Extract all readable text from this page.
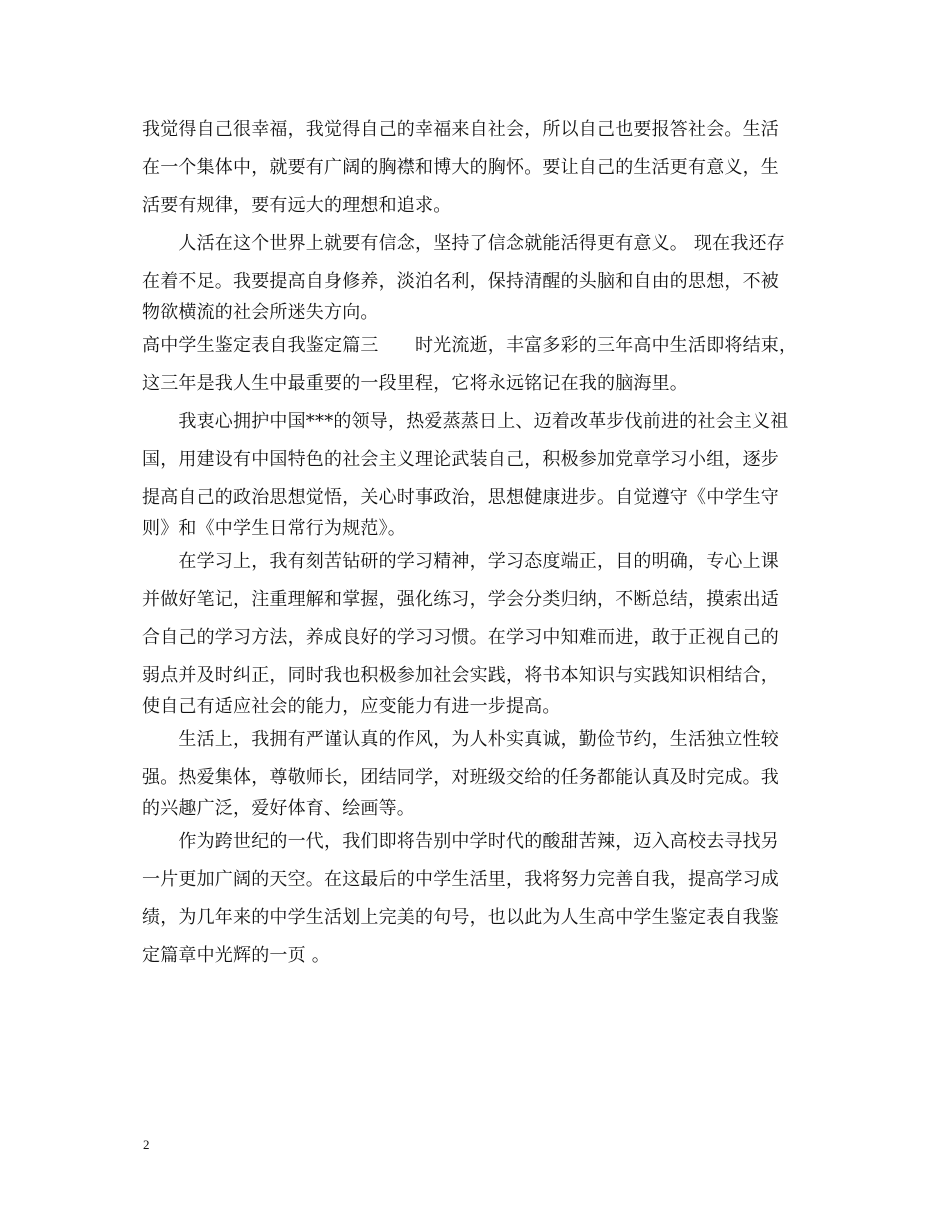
我觉得自己很幸福，我觉得自己的幸福来自社会，所以自己也要报答社会。生活
在一个集体中，就要有广阔的胸襟和博大的胸怀。要让自己的生活更有意义，生
活要有规律，要有远大的理想和追求。
　　人活在这个世界上就要有信念，坚持了信念就能活得更有意义。 现在我还存
在着不足。我要提高自身修养，淡泊名利，保持清醒的头脑和自由的思想，不被
物欲横流的社会所迷失方向。
高中学生鉴定表自我鉴定篇三　　时光流逝，丰富多彩的三年高中生活即将结束，
这三年是我人生中最重要的一段里程，它将永远铭记在我的脑海里。
　　我衷心拥护中国***的领导，热爱蒸蒸日上、迈着改革步伐前进的社会主义祖
国，用建设有中国特色的社会主义理论武装自己，积极参加党章学习小组，逐步
提高自己的政治思想觉悟，关心时事政治，思想健康进步。自觉遵守《中学生守
则》和《中学生日常行为规范》。
　　在学习上，我有刻苦钻研的学习精神，学习态度端正，目的明确，专心上课
并做好笔记，注重理解和掌握，强化练习，学会分类归纳，不断总结，摸索出适
合自己的学习方法，养成良好的学习习惯。在学习中知难而进，敢于正视自己的
弱点并及时纠正，同时我也积极参加社会实践，将书本知识与实践知识相结合，
使自己有适应社会的能力，应变能力有进一步提高。
　　生活上，我拥有严谨认真的作风，为人朴实真诚，勤俭节约，生活独立性较
强。热爱集体，尊敬师长，团结同学，对班级交给的任务都能认真及时完成。我
的兴趣广泛，爱好体育、绘画等。
　　作为跨世纪的一代，我们即将告别中学时代的酸甜苦辣，迈入高校去寻找另
一片更加广阔的天空。在这最后的中学生活里，我将努力完善自我，提高学习成
绩，为几年来的中学生活划上完美的句号，也以此为人生高中学生鉴定表自我鉴
定篇章中光辉的一页 。
2
